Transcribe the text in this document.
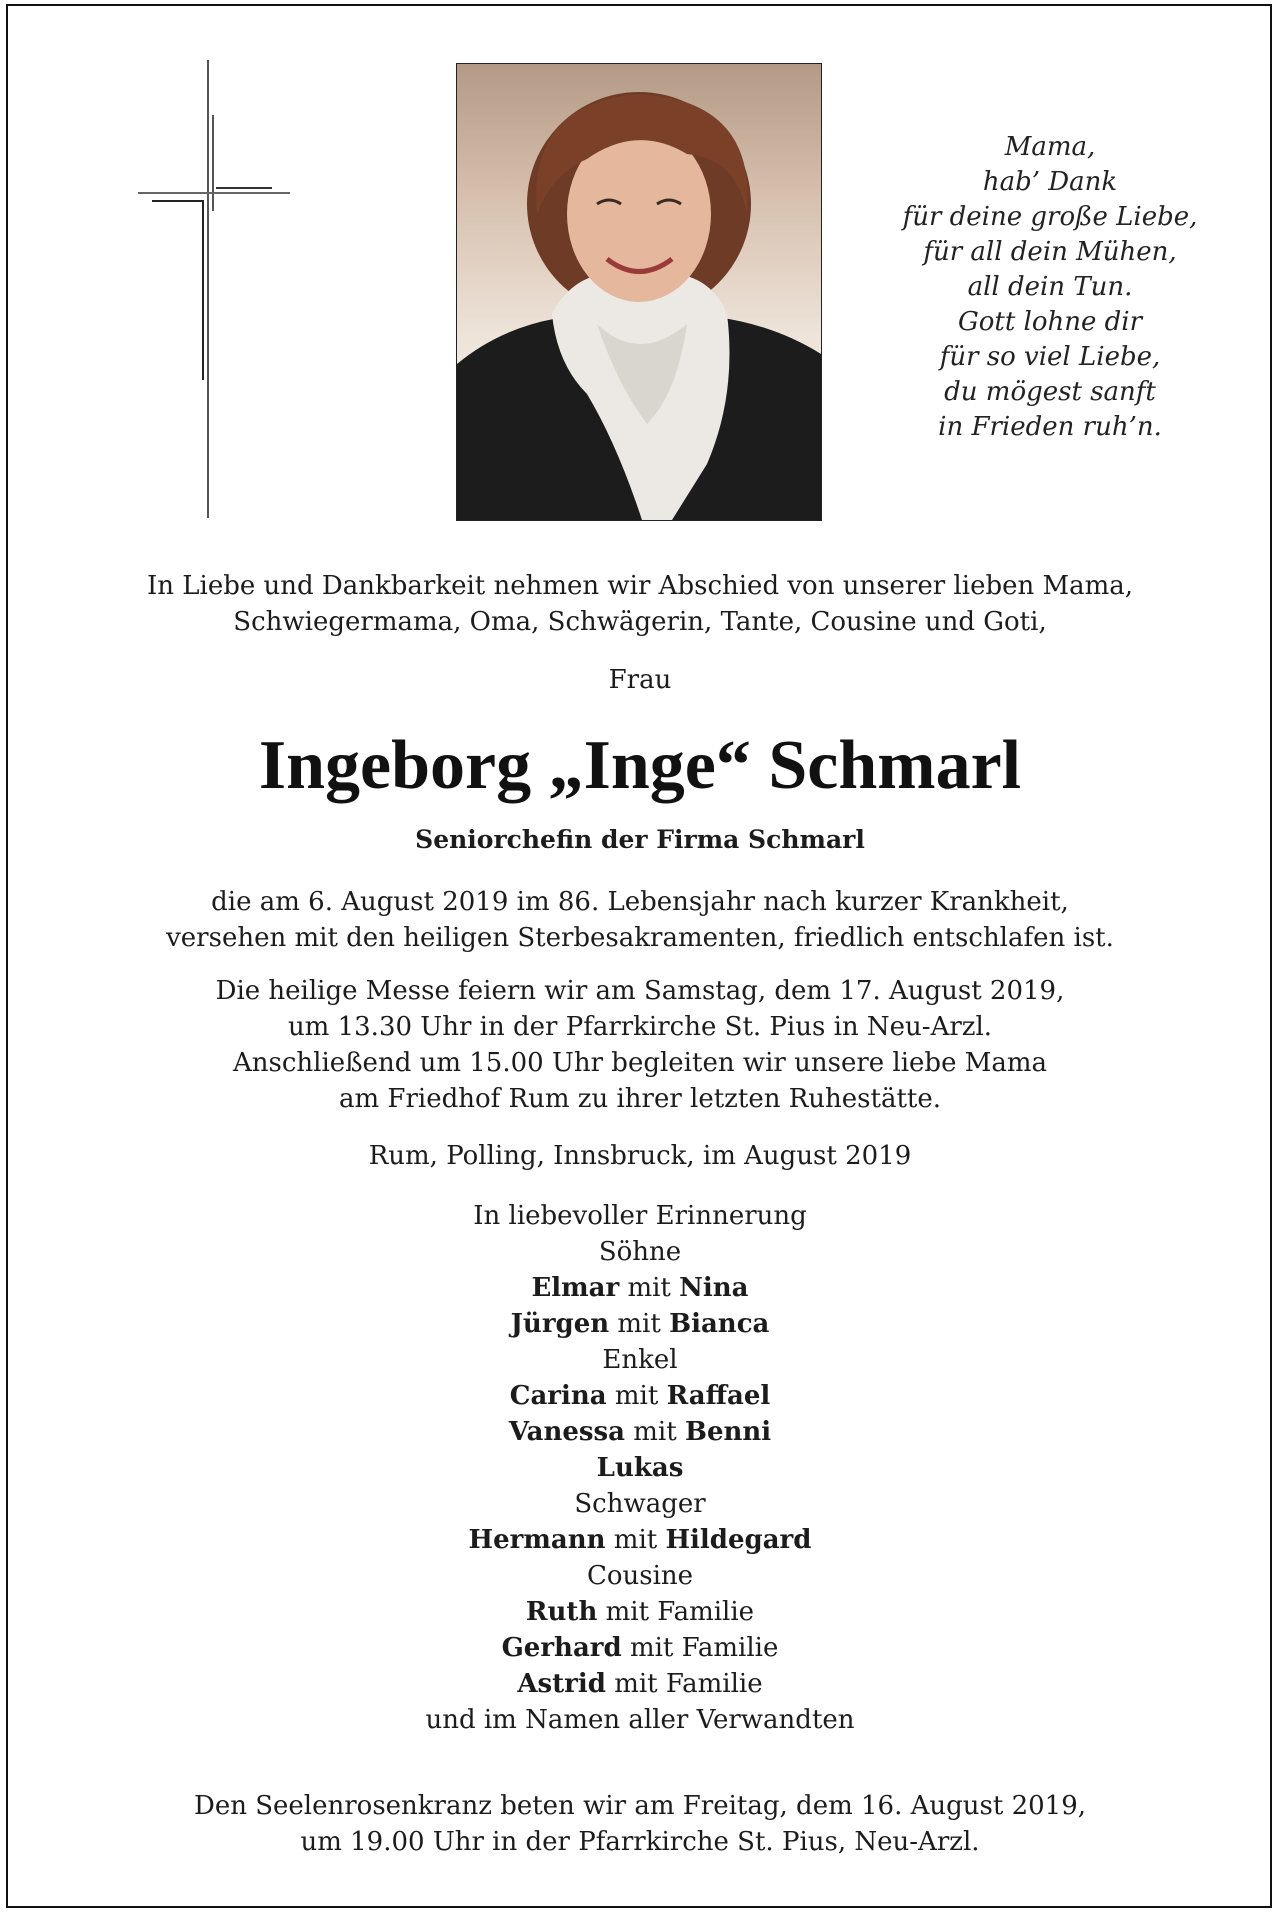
Mama,
hab’ Dank
für deine große Liebe,
für all dein Mühen,
all dein Tun.
Gott lohne dir
für so viel Liebe,
du mögest sanft
in Frieden ruh’n.
In Liebe und Dankbarkeit nehmen wir Abschied von unserer lieben Mama,
Schwiegermama, Oma, Schwägerin, Tante, Cousine und Goti,
Frau
Ingeborg „Inge“ Schmarl
Seniorchefin der Firma Schmarl
die am 6. August 2019 im 86. Lebensjahr nach kurzer Krankheit,
versehen mit den heiligen Sterbesakramenten, friedlich entschlafen ist.
Die heilige Messe feiern wir am Samstag, dem 17. August 2019,
um 13.30 Uhr in der Pfarrkirche St. Pius in Neu-Arzl.
Anschließend um 15.00 Uhr begleiten wir unsere liebe Mama
am Friedhof Rum zu ihrer letzten Ruhestätte.
Rum, Polling, Innsbruck, im August 2019
In liebevoller Erinnerung
Söhne
Elmar mit Nina
Jürgen mit Bianca
Enkel
Carina mit Raffael
Vanessa mit Benni
Lukas
Schwager
Hermann mit Hildegard
Cousine
Ruth mit Familie
Gerhard mit Familie
Astrid mit Familie
und im Namen aller Verwandten
Den Seelenrosenkranz beten wir am Freitag, dem 16. August 2019,
um 19.00 Uhr in der Pfarrkirche St. Pius, Neu-Arzl.
